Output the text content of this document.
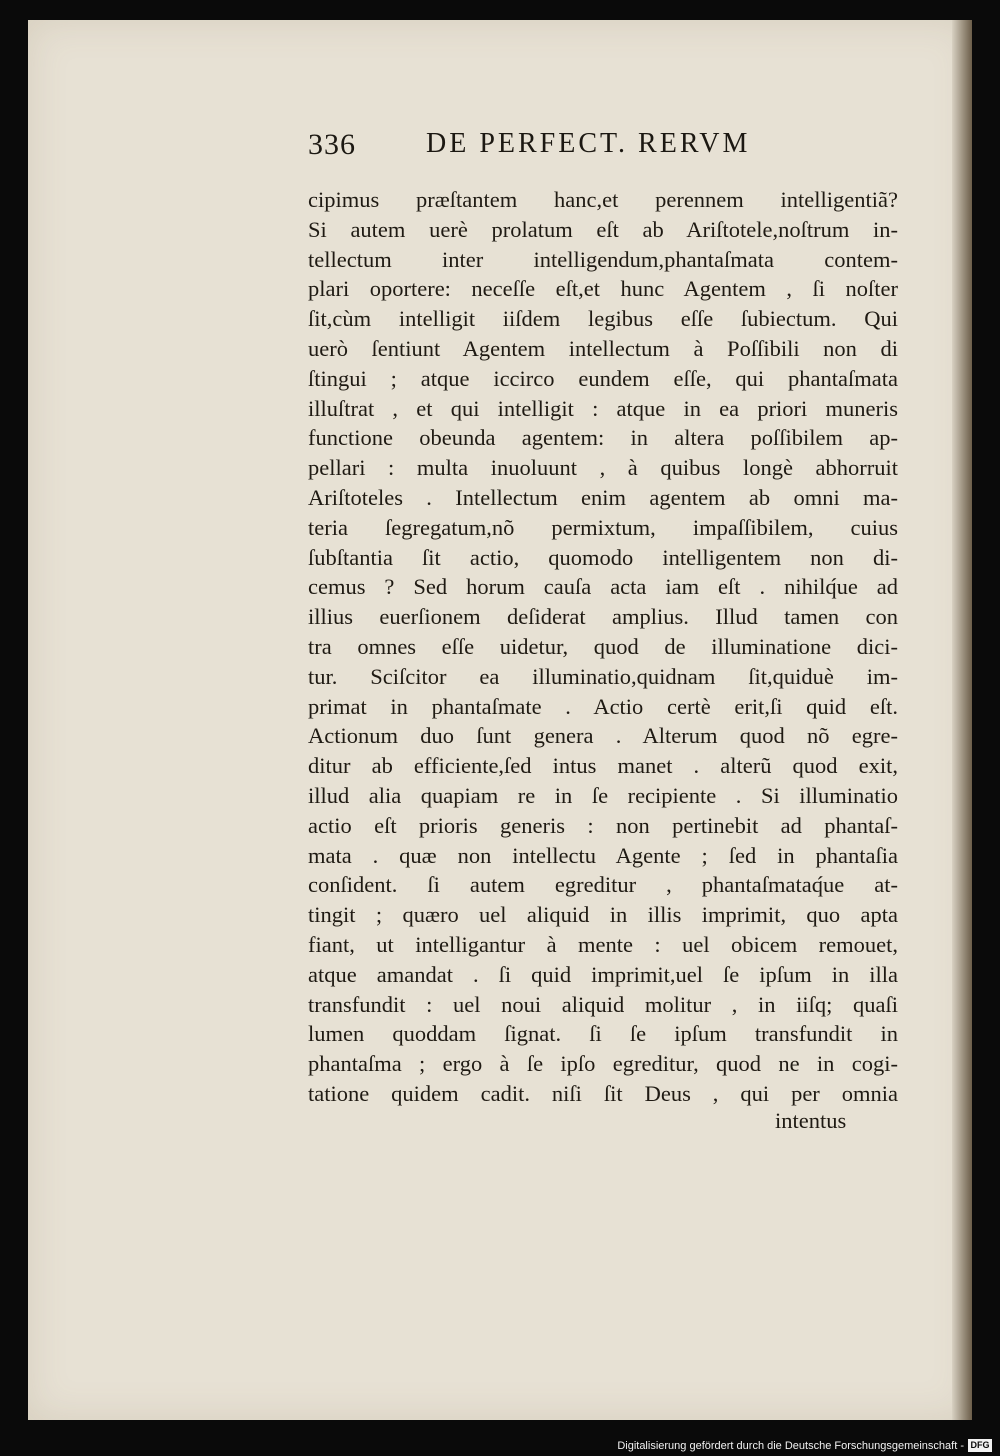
336	DE PERFECT. RERVM
cipimus præſtantem hanc,et perennem intelligentiã?
Si autem uerè prolatum eſt ab Ariſtotele,noſtrum in-
tellectum inter intelligendum,phantaſmata contem-
plari oportere: neceſſe eſt,et hunc Agentem , ſi noſter
ſit,cùm intelligit iiſdem legibus eſſe ſubiectum. Qui
uerò ſentiunt Agentem intellectum à Poſſibili non di
ſtingui ; atque iccirco eundem eſſe, qui phantaſmata
illuſtrat , et qui intelligit : atque in ea priori muneris
functione obeunda agentem: in altera poſſibilem ap-
pellari : multa inuoluunt , à quibus longè abhorruit
Ariſtoteles . Intellectum enim agentem ab omni ma-
teria ſegregatum,nõ permixtum, impaſſibilem, cuius
ſubſtantia ſit actio, quomodo intelligentem non di-
cemus ? Sed horum cauſa acta iam eſt . nihilq́ue ad
illius euerſionem deſiderat amplius. Illud tamen con
tra omnes eſſe uidetur, quod de illuminatione dici-
tur. Sciſcitor ea illuminatio,quidnam ſit,quiduè im-
primat in phantaſmate . Actio certè erit,ſi quid eſt.
Actionum duo ſunt genera . Alterum quod nõ egre-
ditur ab efficiente,ſed intus manet . alterũ quod exit,
illud alia quapiam re in ſe recipiente . Si illuminatio
actio eſt prioris generis : non pertinebit ad phantaſ-
mata . quæ non intellectu Agente ; ſed in phantaſia
conſident. ſi autem egreditur , phantaſmataq́ue at-
tingit ; quæro uel aliquid in illis imprimit, quo apta
fiant, ut intelligantur à mente : uel obicem remouet,
atque amandat . ſi quid imprimit,uel ſe ipſum in illa
transfundit : uel noui aliquid molitur , in iiſq; quaſi
lumen quoddam ſignat. ſi ſe ipſum transfundit in
phantaſma ; ergo à ſe ipſo egreditur, quod ne in cogi-
tatione quidem cadit. niſi ſit Deus , qui per omnia
intentus
Digitalisierung gefördert durch die Deutsche Forschungsgemeinschaft - DFG
